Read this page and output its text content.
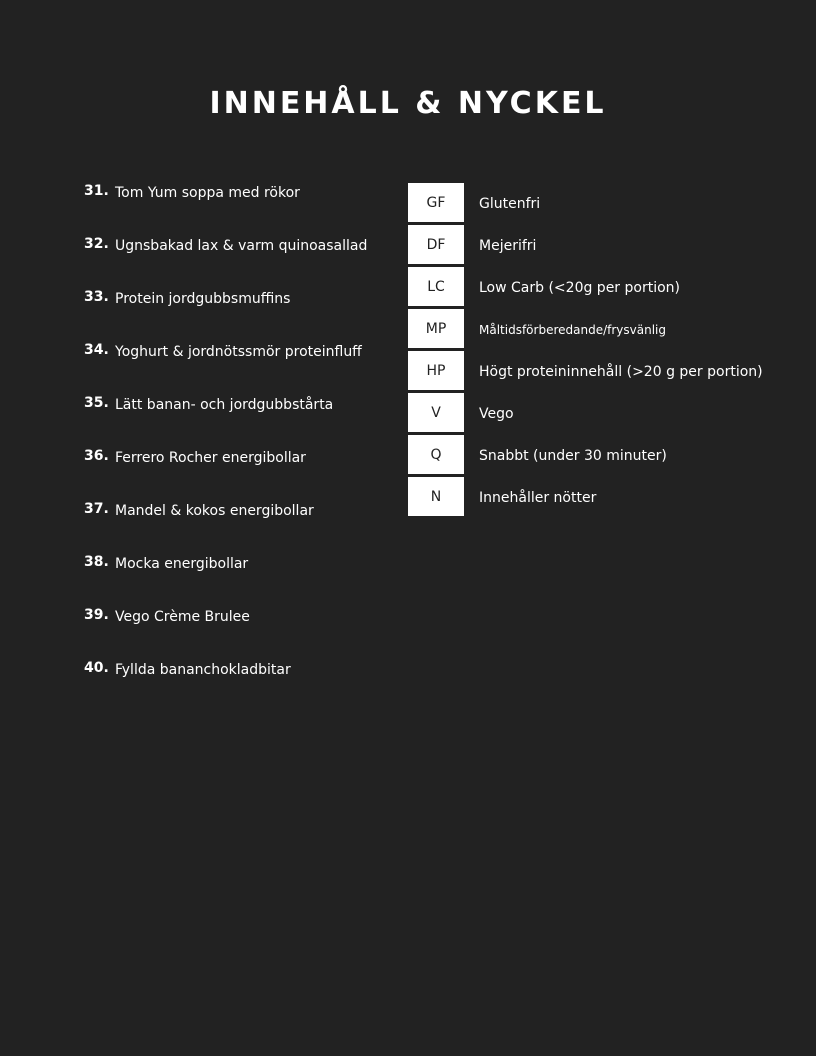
INNEHÅLL & NYCKEL
31. Tom Yum soppa med rökor
32. Ugnsbakad lax & varm quinoasallad
33. Protein jordgubbsmuffins
34. Yoghurt & jordnötssmör proteinfluff
35. Lätt banan- och jordgubbstårta
36. Ferrero Rocher energibollar
37. Mandel & kokos energibollar
38. Mocka energibollar
39. Vego Crème Brulee
40. Fyllda bananchokladbitar
GF	Glutenfri
DF	Mejerifri
LC	Low Carb (<20g per portion)
MP	Måltidsförberedande/frysvänlig
HP	Högt proteininnehåll (>20 g per portion)
V	Vego
Q	Snabbt (under 30 minuter)
N	Innehåller nötter
